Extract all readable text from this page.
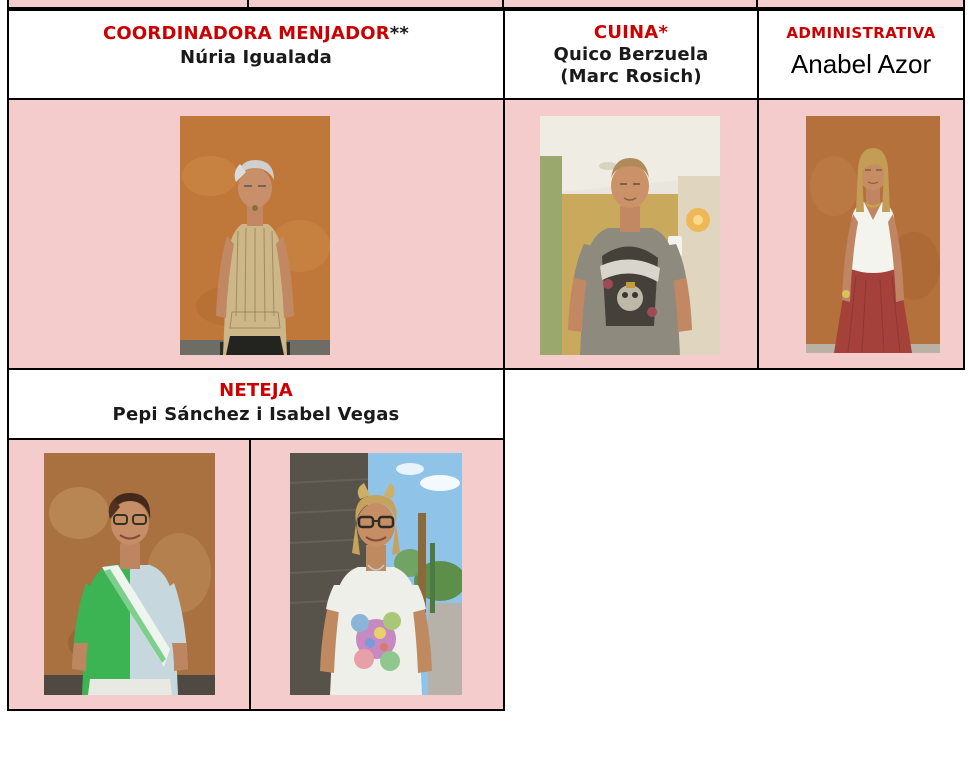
COORDINADORA MENJADOR**
Núria Igualada
CUINA*
Quico Berzuela
(Marc Rosich)
ADMINISTRATIVA
Anabel Azor
NETEJA
Pepi Sánchez i Isabel Vegas
